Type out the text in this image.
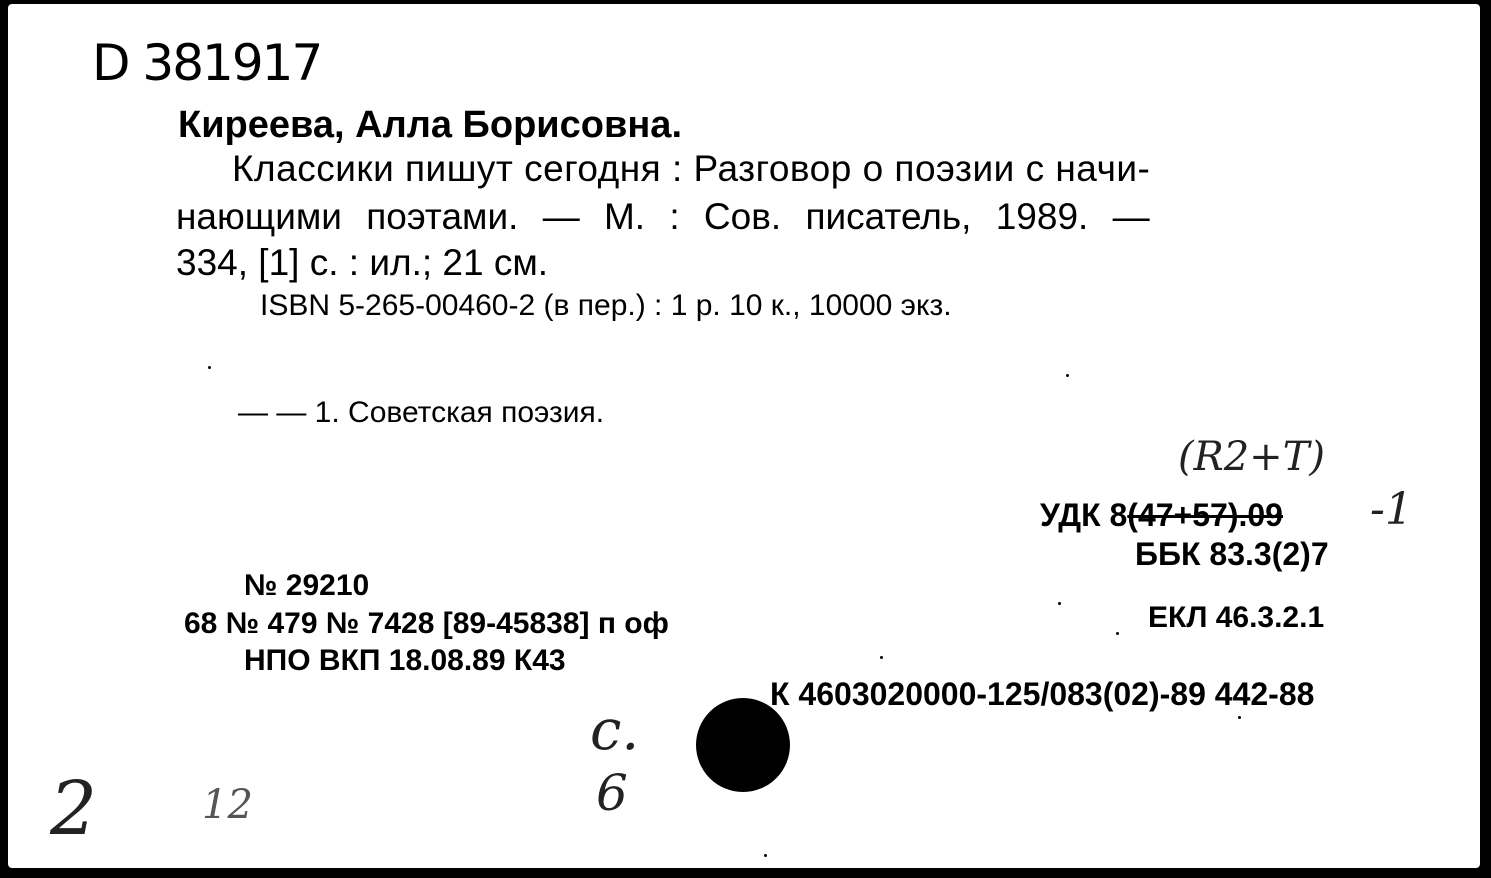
D 381917
Киреева, Алла Борисовна.
Классики пишут сегодня : Разговор о поэзии с начи-
нающими поэтами. — М. : Сов. писатель, 1989. —
334, [1] с. : ил.; 21 см.
ISBN 5-265-00460-2 (в пер.) : 1 р. 10 к., 10000 экз.
— — 1. Советская поэзия.
УДК 8(47+57).09
ББК 83.3(2)7
ЕКЛ 46.3.2.1
№ 29210
68 № 479 № 7428 [89-45838] п оф
НПО ВКП 18.08.89 К43
К 4603020000-125/083(02)-89 442-88
(R2+T)
-1
с.
6
2	12
